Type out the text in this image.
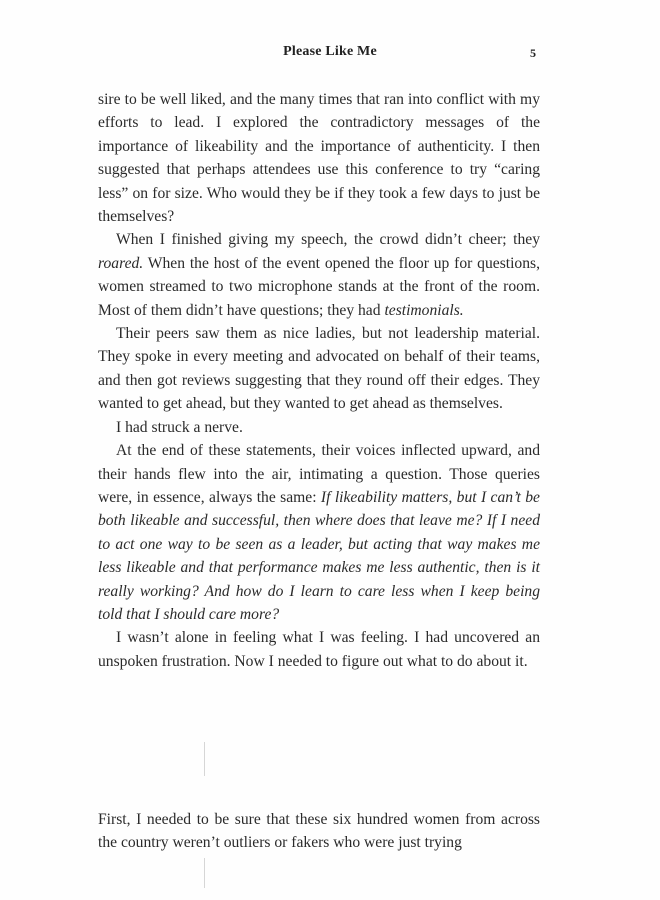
Please Like Me	5

sire to be well liked, and the many times that ran into conflict with my efforts to lead. I explored the contradictory messages of the importance of likeability and the importance of authenticity. I then suggested that perhaps attendees use this conference to try “caring less” on for size. Who would they be if they took a few days to just be themselves?

When I finished giving my speech, the crowd didn’t cheer; they roared. When the host of the event opened the floor up for questions, women streamed to two microphone stands at the front of the room. Most of them didn’t have questions; they had testimonials.

Their peers saw them as nice ladies, but not leadership material. They spoke in every meeting and advocated on behalf of their teams, and then got reviews suggesting that they round off their edges. They wanted to get ahead, but they wanted to get ahead as themselves.

I had struck a nerve.

At the end of these statements, their voices inflected upward, and their hands flew into the air, intimating a question. Those queries were, in essence, always the same: If likeability matters, but I can’t be both likeable and successful, then where does that leave me? If I need to act one way to be seen as a leader, but acting that way makes me less likeable and that performance makes me less authentic, then is it really working? And how do I learn to care less when I keep being told that I should care more?

I wasn’t alone in feeling what I was feeling. I had uncovered an unspoken frustration. Now I needed to figure out what to do about it.

First, I needed to be sure that these six hundred women from across the country weren’t outliers or fakers who were just trying
